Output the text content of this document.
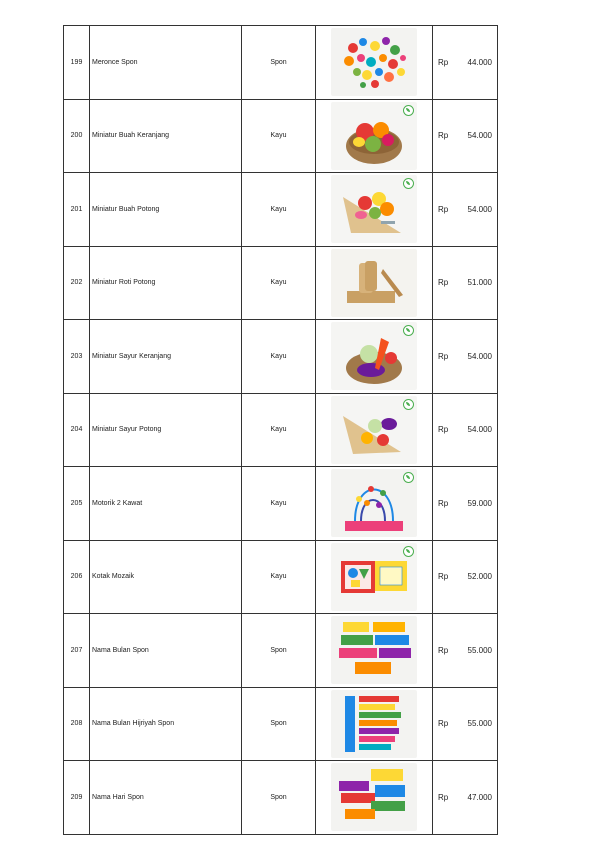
199	Meronce Spon	Spon		Rp 44.000

200	Miniatur Buah Keranjang	Kayu		Rp 54.000

201	Miniatur Buah Potong	Kayu		Rp 54.000

202	Miniatur Roti Potong	Kayu		Rp 51.000

203	Miniatur Sayur Keranjang	Kayu		Rp 54.000

204	Miniatur Sayur Potong	Kayu		Rp 54.000

205	Motorik 2 Kawat	Kayu		Rp 59.000

206	Kotak Mozaik	Kayu		Rp 52.000

207	Nama Bulan Spon	Spon		Rp 55.000

208	Nama Bulan Hijriyah Spon	Spon		Rp 55.000

209	Nama Hari Spon	Spon		Rp 47.000
